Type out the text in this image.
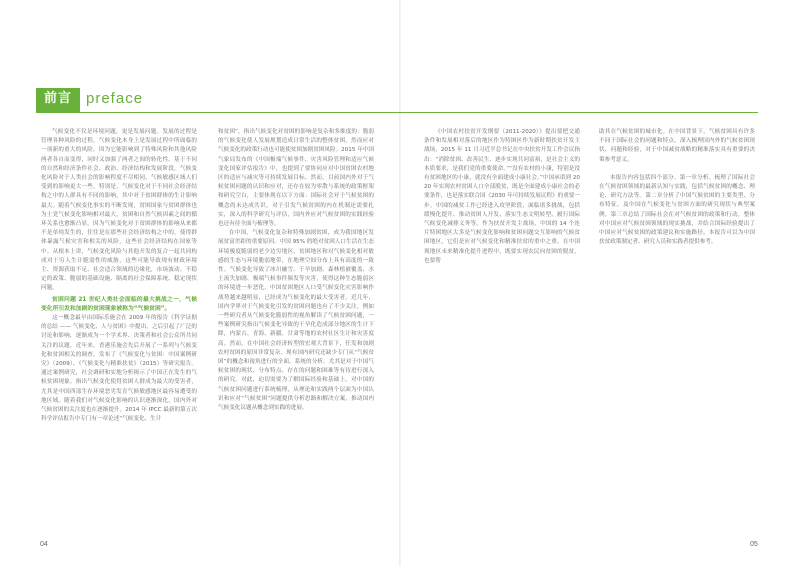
前言 preface

气候变化不仅是环境问题，更是发展问题。发展的过程是管理各种风险的过程，气候变化本身上是发展过程中所面临的一项新的重大的风险，因为它能影响到了特殊风险和其他风险两者各自而变得，同时又加强了两者之间的转化性。基于不同的自然和经济条件社会、政治、经济结构和发展阶段，气候变化风险对于人类社会的影响程度不尽相同。气候敏感区域人们受到的影响更大一些。特别是，气候变化对于不同社会经济结构之中的人群具有不同的影响，其中对于贫困群体的生计影响最大。随着气候变化事实的不断发现，贫困国家与贫困群体也为士党气候变化影响相对最大，贫困和自然气候因素之间的循环关系也愈渐凸显。因为气候变化对于贫困群体的影响从来都不是单纯发生的，往往是在那些社会经济结构之中的，使得群体暴露气候灾害和相关的风险，这些社会经济结构在国家等中。从根本上讲，气候变化风险与其他开发的复合一起共同构成对于穷人生计脆弱性的威胁，这些可能导致现有财政环境主、资源获取不足、社会适合领域的边缘化，市场波动、不稳定的政策、脆弱的基础设施、隔离的社会保障系统、稳定现状问题。

贫困问题 21 世纪人类社会面临的最大挑战之一，气候变化所引发和加剧的贫困现象被称为“气候贫困”。

这一概念最早由国际乐施会在 2009 年的报告《科学证据的总结 —— 气候变化、人与贫困》中提出。之后引起了广泛的讨论和影响，逐渐成为一个学术界、决策者和社会公众所共同关注的议题。近年来，香港乐施会先后开展了一系列与气候变化和贫困相关的调查，发布了《气候变化与贫困：中国案例研究》（2009）、《气候变化与精准扶贫》（2015）等研究报告。通过案例研究，社会调研和实地分析揭示了中国正在发生的气候贫困现象。指出气候变化使得贫困人群成为最大的受害者，尤其是中国西部生存环境恶劣发育气候敏感地区最容易遭受的地区域。随着我们对气候变化影响的认识逐渐深化，国内外对气候贫困的关注度也在逐渐提升。2014 年 IPCC 最新的第五次科学评估报告中专门有一章论述“气候变化、生计

和贫困”，指出气候变化对贫困的影响是复杂和多维度的：脆弱的气候变化使人发展规划造成日常生活的整体贫困，然而应对气候变化的政策行动也可能使贫困加剧贫困风险。2015 年中国气象局发布的《中国极端气候事件、灾害风险管理和适应气候变化国家评估报告》中，也提到了要协同应对中国贫困农村地区的适应与减灾等可持续发展目标。然而，目前国内外对于气候贫困问题的认识和应对，还存在较为零散与系统的政策框架和研究空白，主要体现在以下方面：国际社会对于气候贫困的概念尚未达成共识，对于引发气候贫困的内在机制还需要扎实，深入的科学研究与评估，国内外应对气候贫困的实践经验也还有待全面与梳理等。

在中国，气候变化复杂和特殊加剧贫困，成为我国地区发展贫富差距的重要原因。中国 95% 的绝对贫困人口生活在生态环境极度脆弱的老少边穷地区，贫困地区和对气候变化相对敏感的生态与环境脆弱地带，在地理空间分布上具有高度的一致性。气候变化导致了冰川融雪、干旱加剧、森林植被覆盖、水土流失加剧、极端气候事件频发等灾害，使得这种生态脆弱区的环境进一步恶化。中国贫困地区人口受气候变化灾害影响作战势越来越明显，已经成为气候变化的最大受害者。近几年，国内学界对于气候变化引发的贫困问题也有了不少关注，例如一些研究者从气候变化脆弱性的视角解读了气候贫困问题，一些案例研究指出气候变化导致的干旱化造成部分地区的生计下降，内蒙古、青海、新疆、甘肃等地的农村社区生计和灾害度高。然而，在中国社会经济转型的宏观大背景下，任发和加剧农村贫困的原因非常复杂，现有国内研究还缺少专门从“气候贫困”的概念和视角进行的全面、系统的分析。尤其是对于中国气候贫困的现状、分布特点、存在的问题和困难等有待进行深入的研究。对此，迫切需要为了解国际经验和基础上，对中国的气候贫困问题进行系统梳理，从理论和实践两个层面为中国认识和应对“气候贫困”问题提供分析思路和解决方案，推动国内气候变化议题从概念到实践的进展。

《中国农村扶贫开发纲要（2011-2020）》提出要把交通条件和发展相对落后的地区作为特困区作为新时期扶贫开发主战场，2015 年 11 月习近平总书记在中央扶贫开发工作会议指出：“消除贫困、改善民生、逐步实现共同富裕，是社会主义的本质要求，是我们党的重要使命。”“没有农村的小康，特别是没有贫困地区的小康，就没有全面建成小康社会。”中国承诺到 2020 年实现农村贫困人口全部脱贫，既是全面建成小康社会的必要条件，也是落实联合国《2030 年可持续发展议程》的重要一步。中国的减贫工作已经进入攻坚阶段，面临诸多挑战，包括缓慢化提升、推动贫困人开发、落实生态文明转型、履行国际气候变化减排义务等。作为扶贫开发主战场，中国的 14 个连片特困地区大多是气候变化影响和贫困问题交互影响的气候贫困地区，它们是应对气候变化和精准扶贫的重中之重。在中国现地区未来精准化提升进程中，既要实现农民向贫困的脱贫，也要帮

助其在气候贫困的城市化。在中国背景下，气候贫困具有许多不同于国际社会的问题和特点，深入梳理国内外的气候贫困现状、问题和经验，对于中国减贫战略的精准落实具有重要的决策参考意义。

本报告内容包括四个部分。第一章分析、梳理了国际社会在气候贫困领域的最新认知与实践，包括气候贫困的概念、理论、研究方法等。第二章分析了中国气候贫困的主要类型、分布特征，及中国在气候变化与贫困方面的研究现状与典型案例。第三章总结了国际社会在对气候贫困的政策和行动，整体对中国应对气候贫困领域的现实挑战，并结合国际经验提出了中国应对气候贫困的政策建议和实施路径。本报告可以为中国扶贫政策制定者、研究人员和实践者提供参考。

04	05
